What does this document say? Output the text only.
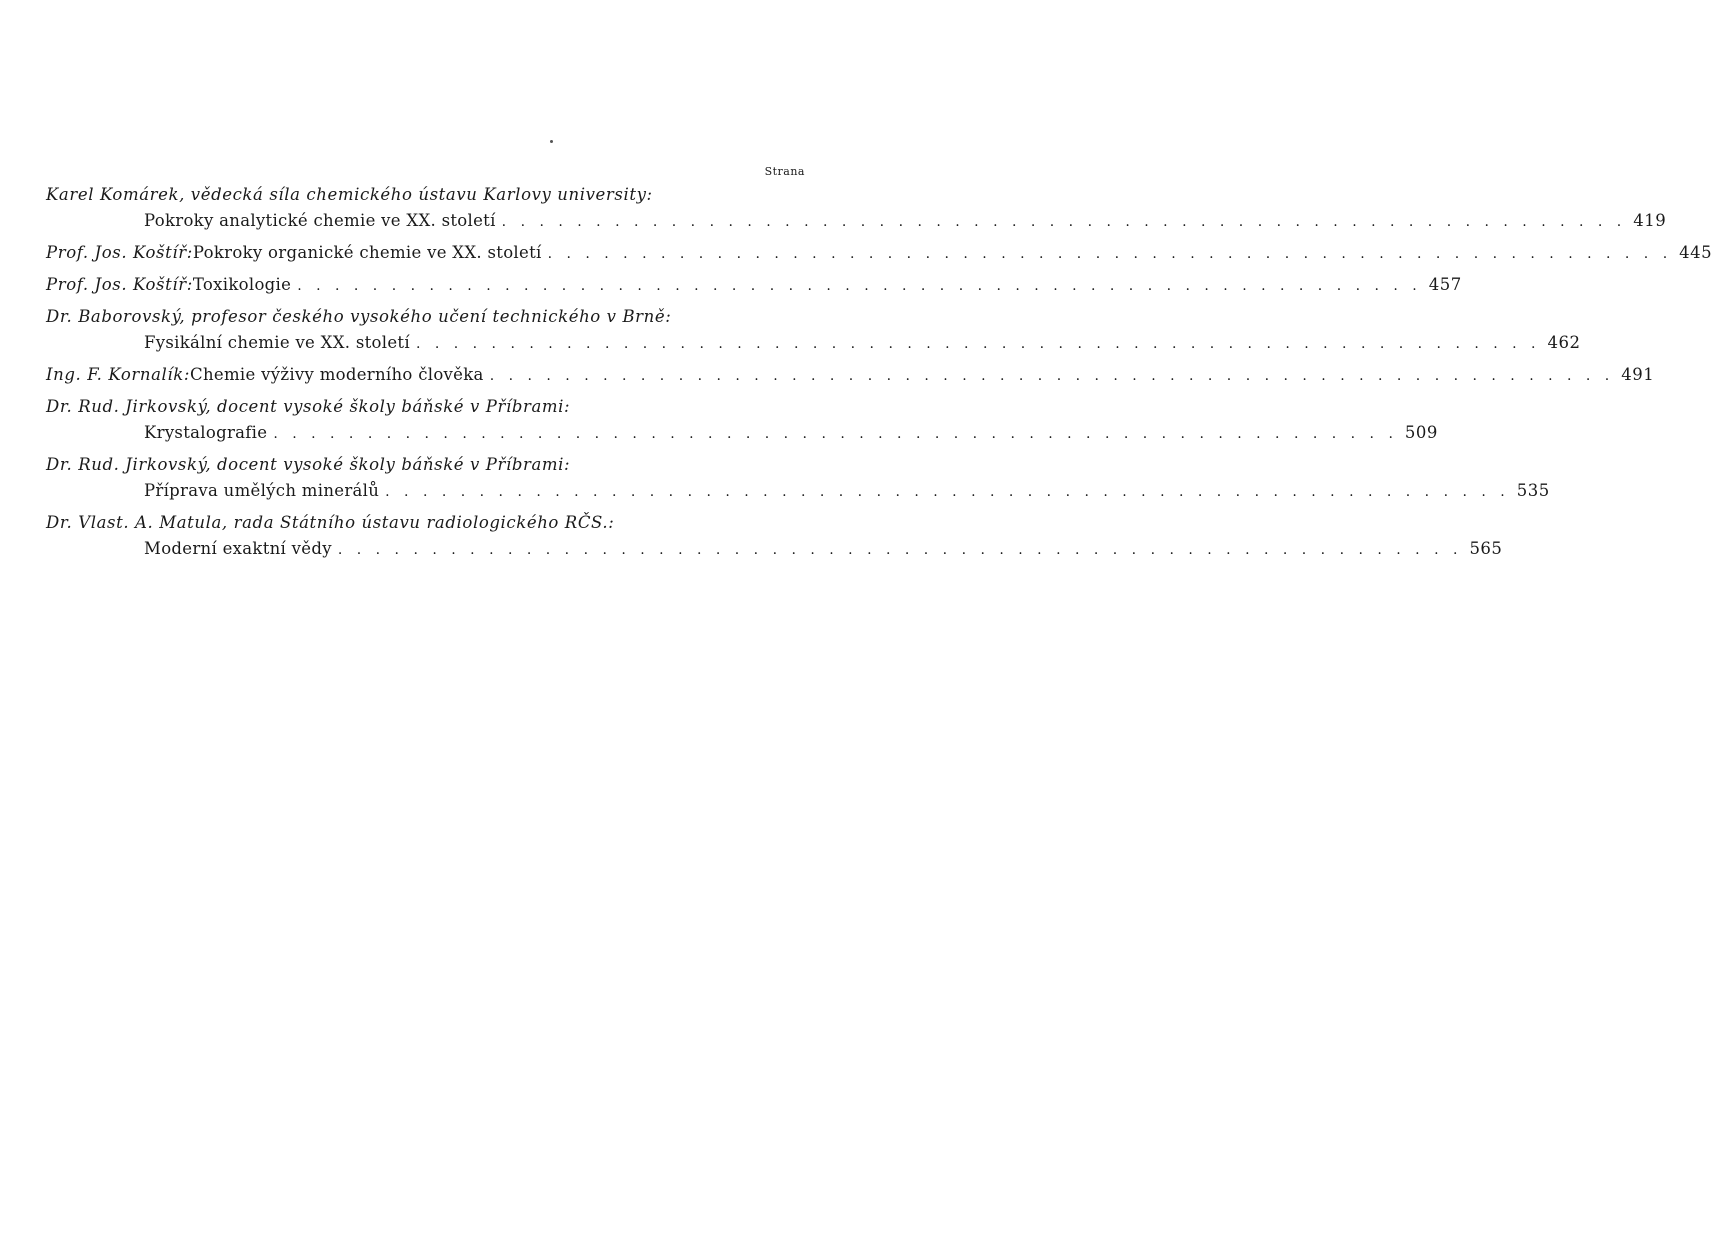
Strana
Karel Komárek, vědecká síla chemického ústavu Karlovy university:
Pokroky analytické chemie ve XX. století . . . . . . . . . . . . . . . . . . . . . . . . . . . . . . . . . . . . . . . . . . . . . . . . . . . . . . . . . . . . 419
Prof. Jos. Koštíř: Pokroky organické chemie ve XX. století . . . . . . . . . . . . . . . . . . . . . . . . . . . . . . . . . . . . . . . . . . . . . . . . . . . . . . . . . . . . 445
Prof. Jos. Koštíř: Toxikologie . . . . . . . . . . . . . . . . . . . . . . . . . . . . . . . . . . . . . . . . . . . . . . . . . . . . . . . . . . . . 457
Dr. Baborovský, profesor českého vysokého učení technického v Brně:
Fysikální chemie ve XX. století . . . . . . . . . . . . . . . . . . . . . . . . . . . . . . . . . . . . . . . . . . . . . . . . . . . . . . . . . . . . 462
Ing. F. Kornalík: Chemie výživy moderního člověka . . . . . . . . . . . . . . . . . . . . . . . . . . . . . . . . . . . . . . . . . . . . . . . . . . . . . . . . . . . . 491
Dr. Rud. Jirkovský, docent vysoké školy báňské v Příbrami:
Krystalografie . . . . . . . . . . . . . . . . . . . . . . . . . . . . . . . . . . . . . . . . . . . . . . . . . . . . . . . . . . . . 509
Dr. Rud. Jirkovský, docent vysoké školy báňské v Příbrami:
Příprava umělých minerálů . . . . . . . . . . . . . . . . . . . . . . . . . . . . . . . . . . . . . . . . . . . . . . . . . . . . . . . . . . . . 535
Dr. Vlast. A. Matula, rada Státního ústavu radiologického RČS.:
Moderní exaktní vědy . . . . . . . . . . . . . . . . . . . . . . . . . . . . . . . . . . . . . . . . . . . . . . . . . . . . . . . . . . . . 565
